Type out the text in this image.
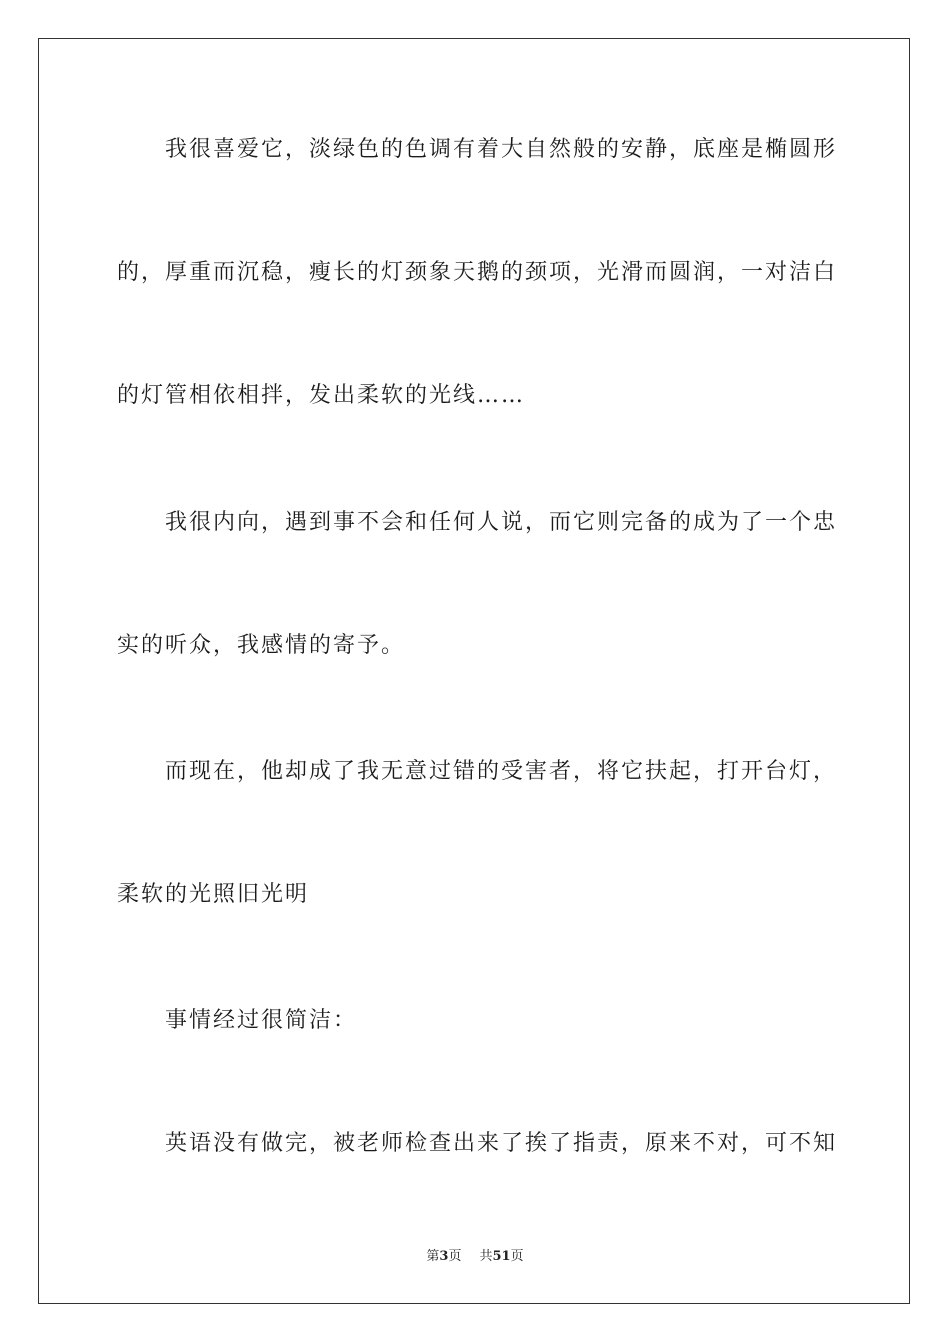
我很喜爱它，淡绿色的色调有着大自然般的安静，底座是椭圆形
的，厚重而沉稳，瘦长的灯颈象天鹅的颈项，光滑而圆润，一对洁白
的灯管相依相拌，发出柔软的光线……
我很内向，遇到事不会和任何人说，而它则完备的成为了一个忠
实的听众，我感情的寄予。
而现在，他却成了我无意过错的受害者，将它扶起，打开台灯，
柔软的光照旧光明
事情经过很简洁：
英语没有做完，被老师检查出来了挨了指责，原来不对，可不知
第3页 共51页
